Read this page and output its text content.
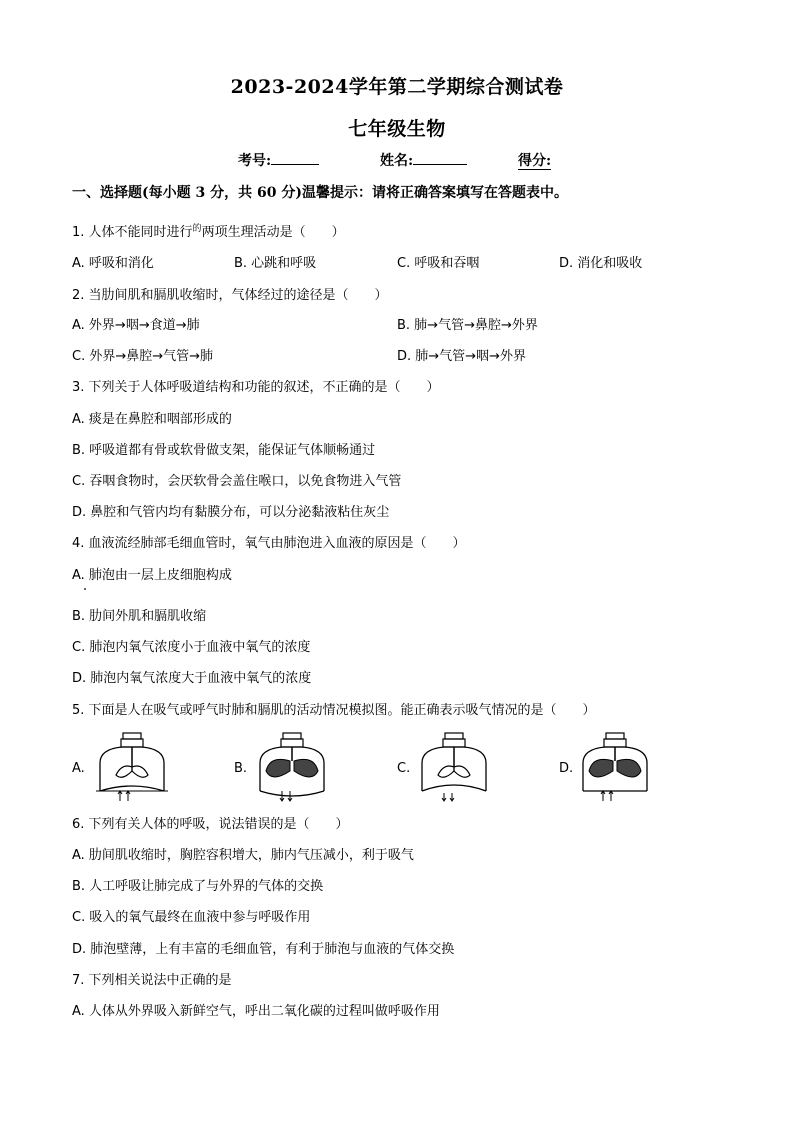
2023-2024学年第二学期综合测试卷
七年级生物
考号:	姓名:	得分:
一、选择题(每小题 3 分，共 60 分)温馨提示：请将正确答案填写在答题表中。
1. 人体不能同时进行$^的$两项生理活动是（　　）
A. 呼吸和消化	B. 心跳和呼吸	C. 呼吸和吞咽	D. 消化和吸收
2. 当肋间肌和膈肌收缩时，气体经过的途径是（　　）
A. 外界→咽→食道→肺	B. 肺→气管→鼻腔→外界
C. 外界→鼻腔→气管→肺	D. 肺→气管→咽→外界
3. 下列关于人体呼吸道结构和功能的叙述，不正确的是（　　）
A. 痰是在鼻腔和咽部形成的
B. 呼吸道都有骨或软骨做支架，能保证气体顺畅通过
C. 吞咽食物时，会厌软骨会盖住喉口，以免食物进入气管
D. 鼻腔和气管内均有黏膜分布，可以分泌黏液粘住灰尘
4. 血液流经肺部毛细血管时，氧气由肺泡进入血液的原因是（　　）
A. 肺泡由一层上皮细胞构成
B. 肋间外肌和膈肌收缩
C. 肺泡内氧气浓度小于血液中氧气的浓度
D. 肺泡内氧气浓度大于血液中氧气的浓度
5. 下面是人在吸气或呼气时肺和膈肌的活动情况模拟图。能正确表示吸气情况的是（　　）
A.	B.	C.	D.
6. 下列有关人体的呼吸，说法错误的是（　　）
A. 肋间肌收缩时，胸腔容积增大，肺内气压减小，利于吸气
B. 人工呼吸让肺完成了与外界的气体的交换
C. 吸入的氧气最终在血液中参与呼吸作用
D. 肺泡壁薄，上有丰富的毛细血管，有利于肺泡与血液的气体交换
7. 下列相关说法中正确的是
A. 人体从外界吸入新鲜空气，呼出二氧化碳的过程叫做呼吸作用
